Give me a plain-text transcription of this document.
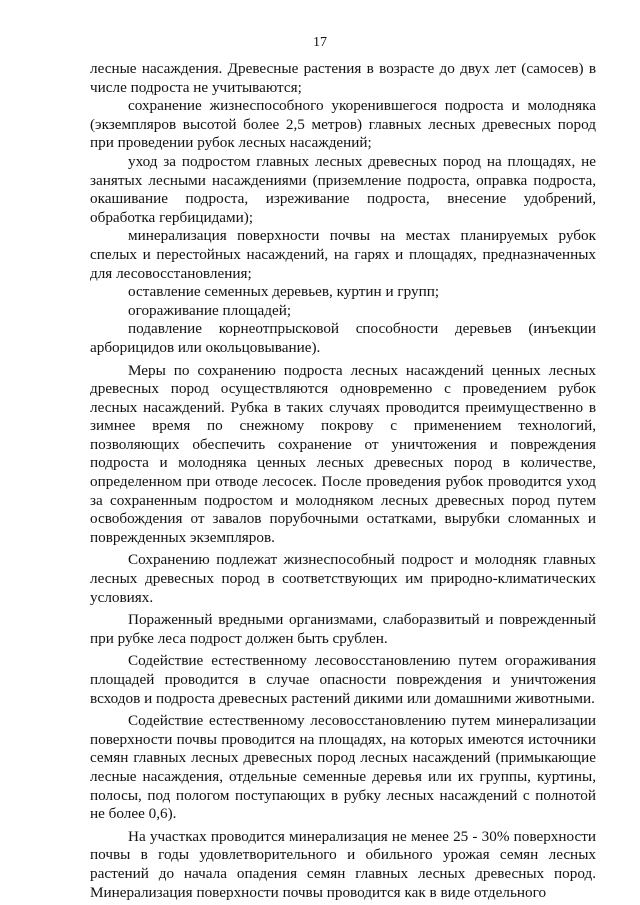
17

лесные насаждения. Древесные растения в возрасте до двух лет (самосев) в числе подроста не учитываются;

сохранение жизнеспособного укоренившегося подроста и молодняка (экземпляров высотой более 2,5 метров) главных лесных древесных пород при проведении рубок лесных насаждений;

уход за подростом главных лесных древесных пород на площадях, не занятых лесными насаждениями (приземление подроста, оправка подроста, окашивание подроста, изреживание подроста, внесение удобрений, обработка гербицидами);

минерализация поверхности почвы на местах планируемых рубок спелых и перестойных насаждений, на гарях и площадях, предназначенных для лесовосстановления;

оставление семенных деревьев, куртин и групп;

огораживание площадей;

подавление корнеотпрысковой способности деревьев (инъекции арборицидов или окольцовывание).

Меры по сохранению подроста лесных насаждений ценных лесных древесных пород осуществляются одновременно с проведением рубок лесных насаждений. Рубка в таких случаях проводится преимущественно в зимнее время по снежному покрову с применением технологий, позволяющих обеспечить сохранение от уничтожения и повреждения подроста и молодняка ценных лесных древесных пород в количестве, определенном при отводе лесосек. После проведения рубок проводится уход за сохраненным подростом и молодняком лесных древесных пород путем освобождения от завалов порубочными остатками, вырубки сломанных и поврежденных экземпляров.

Сохранению подлежат жизнеспособный подрост и молодняк главных лесных древесных пород в соответствующих им природно-климатических условиях.

Пораженный вредными организмами, слаборазвитый и поврежденный при рубке леса подрост должен быть срублен.

Содействие естественному лесовосстановлению путем огораживания площадей проводится в случае опасности повреждения и уничтожения всходов и подроста древесных растений дикими или домашними животными.

Содействие естественному лесовосстановлению путем минерализации поверхности почвы проводится на площадях, на которых имеются источники семян главных лесных древесных пород лесных насаждений (примыкающие лесные насаждения, отдельные семенные деревья или их группы, куртины, полосы, под пологом поступающих в рубку лесных насаждений с полнотой не более 0,6).

На участках проводится минерализация не менее 25 - 30% поверхности почвы в годы удовлетворительного и обильного урожая семян лесных растений до начала опадения семян главных лесных древесных пород. Минерализация поверхности почвы проводится как в виде отдельного
